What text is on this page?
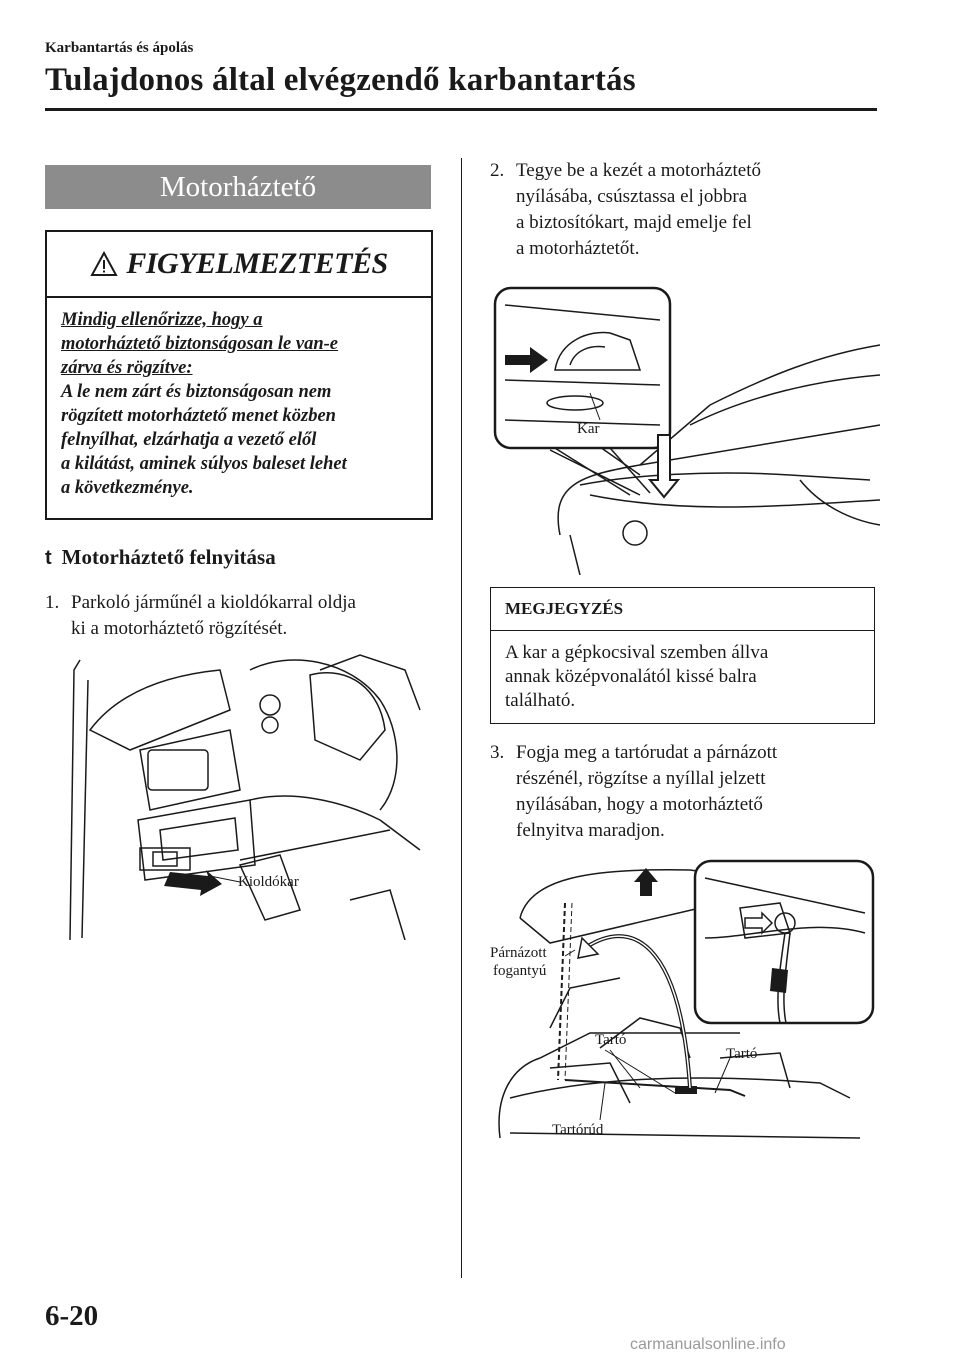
Karbantartás és ápolás
Tulajdonos által elvégzendő karbantartás
Motorháztető
FIGYELMEZTETÉS
Mindig ellenőrizze, hogy a
motorháztető biztonságosan le van-e
zárva és rögzítve:
A le nem zárt és biztonságosan nem
rögzített motorháztető menet közben
felnyílhat, elzárhatja a vezető elől
a kilátást, aminek súlyos baleset lehet
a következménye.
t Motorháztető felnyitása
1. Parkoló járműnél a kioldókarral oldja
ki a motorháztető rögzítését.
Kioldókar
2. Tegye be a kezét a motorháztető
nyílásába, csúsztassa el jobbra
a biztosítókart, majd emelje fel
a motorháztetőt.
Kar
MEGJEGYZÉS
A kar a gépkocsival szemben állva
annak középvonalától kissé balra
található.
3. Fogja meg a tartórudat a párnázott
részénél, rögzítse a nyíllal jelzett
nyílásában, hogy a motorháztető
felnyitva maradjon.
Párnázott
fogantyú
Tartó
Tartó
Tartórúd
6-20
carmanualsonline.info
